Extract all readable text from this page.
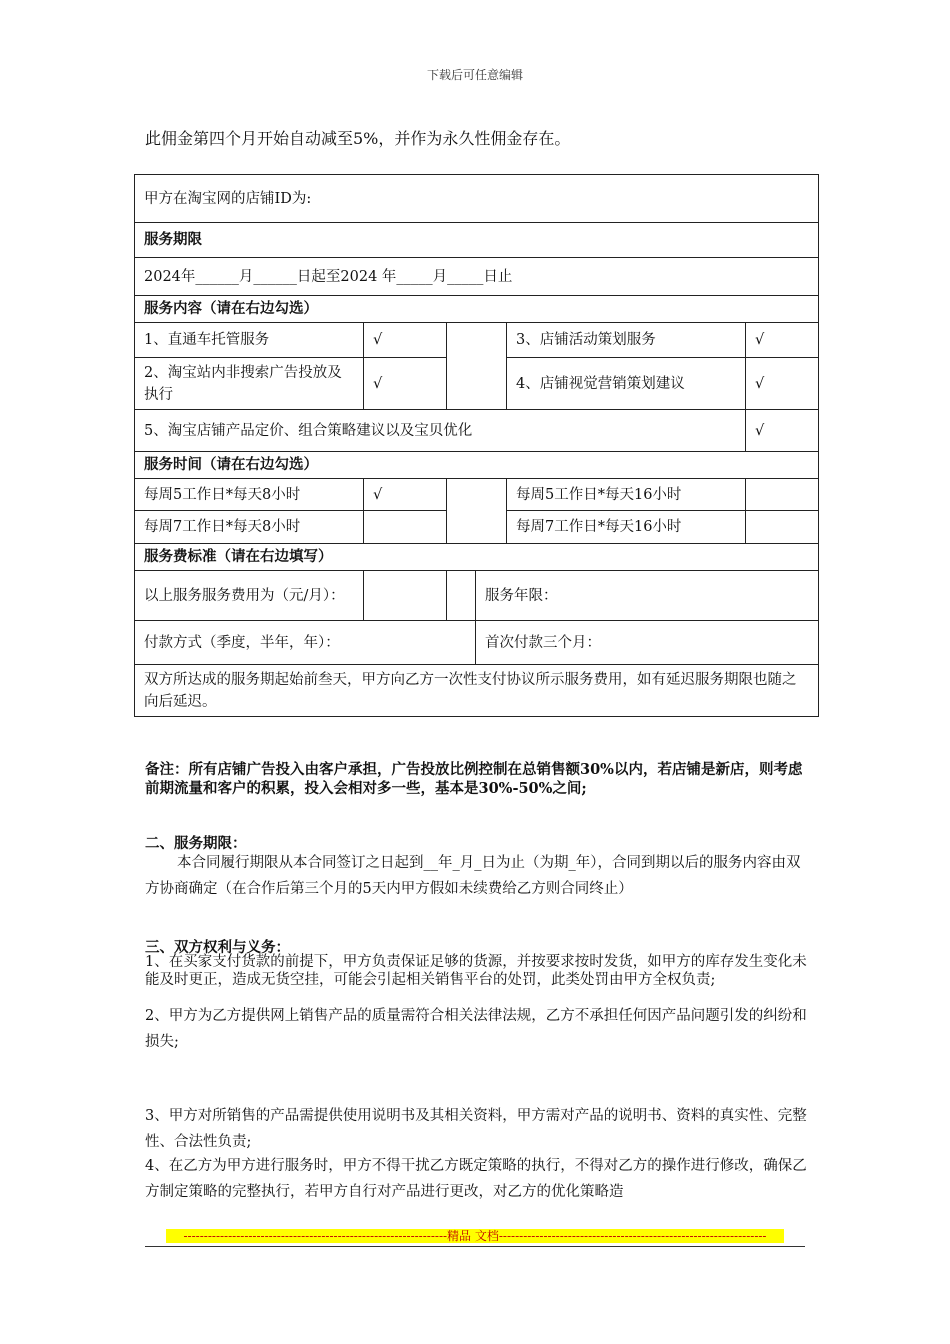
下载后可任意编辑
此佣金第四个月开始自动减至5%，并作为永久性佣金存在。
甲方在淘宝网的店铺ID为:					
服务期限					
2024年______月______日起至2024 年_____月_____日止					
服务内容（请在右边勾选）					
1、直通车托管服务	√			3、店铺活动策划服务	√
2、淘宝站内非搜索广告投放及执行	√			4、店铺视觉营销策划建议	√
5、淘宝店铺产品定价、组合策略建议以及宝贝优化					√
服务时间（请在右边勾选）					
每周5工作日*每天8小时	√			每周5工作日*每天16小时	
每周7工作日*每天8小时				每周7工作日*每天16小时	
服务费标准（请在右边填写）					
以上服务服务费用为（元/月）：			服务年限：		
付款方式（季度，半年，年）：			首次付款三个月：		
双方所达成的服务期起始前叁天，甲方向乙方一次性支付协议所示服务费用，如有延迟服务期限也随之向后延迟。					
备注：所有店铺广告投入由客户承担，广告投放比例控制在总销售额30%以内，若店铺是新店，则考虑前期流量和客户的积累，投入会相对多一些，基本是30%-50%之间;
二、服务期限：
本合同履行期限从本合同签订之日起到__年_月_日为止（为期_年），合同到期以后的服务内容由双方协商确定（在合作后第三个月的5天内甲方假如未续费给乙方则合同终止）
三、双方权利与义务：
1、在买家支付货款的前提下，甲方负责保证足够的货源，并按要求按时发货，如甲方的库存发生变化未能及时更正，造成无货空挂，可能会引起相关销售平台的处罚，此类处罚由甲方全权负责;
2、甲方为乙方提供网上销售产品的质量需符合相关法律法规，乙方不承担任何因产品问题引发的纠纷和损失;
3、甲方对所销售的产品需提供使用说明书及其相关资料，甲方需对产品的说明书、资料的真实性、完整性、合法性负责;
4、在乙方为甲方进行服务时，甲方不得干扰乙方既定策略的执行，不得对乙方的操作进行修改，确保乙方制定策略的完整执行，若甲方自行对产品进行更改，对乙方的优化策略造
-----------------------------------------------------------------精品 文档------------------------------------------------------------------
